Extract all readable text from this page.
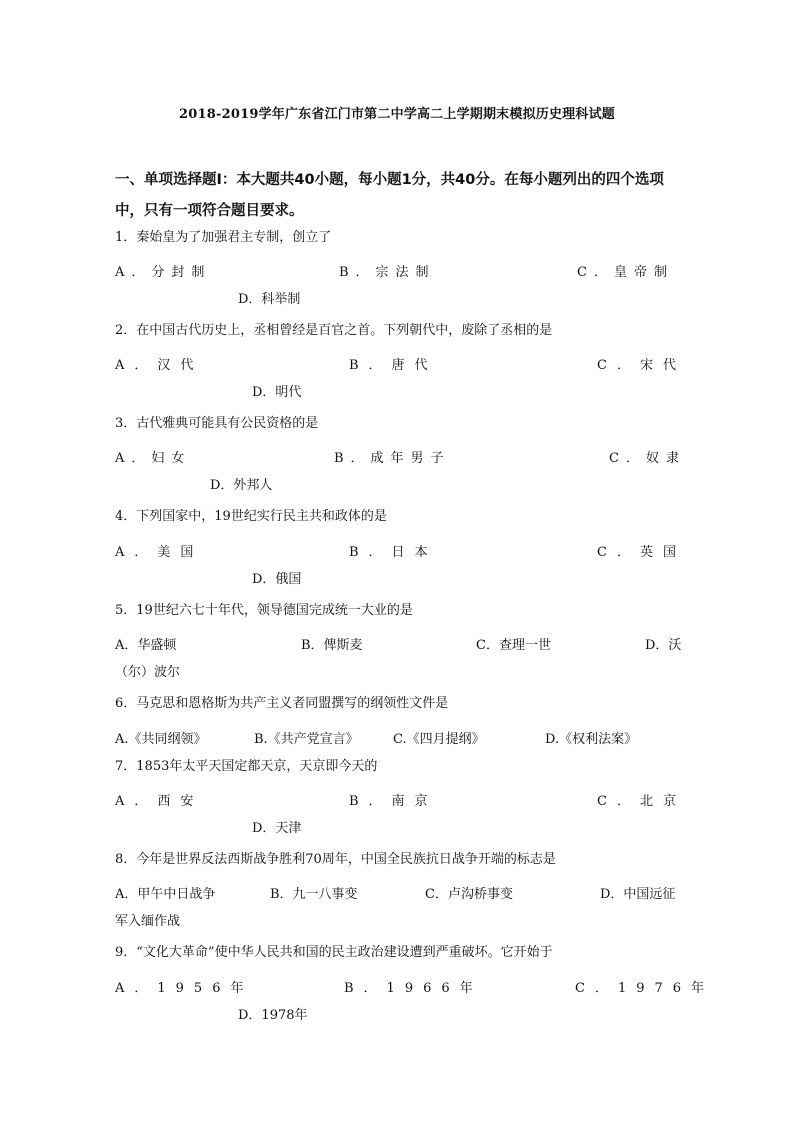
2018-2019学年广东省江门市第二中学高二上学期期末模拟历史理科试题

一、单项选择题Ⅰ：本大题共40小题，每小题1分，共40分。在每小题列出的四个选项中，只有一项符合题目要求。

1．秦始皇为了加强君主专制，创立了
A．分封制	B．宗法制	C．皇帝制
D．科举制
2．在中国古代历史上，丞相曾经是百官之首。下列朝代中，废除了丞相的是
A．汉代	B．唐代	C．宋代
D．明代
3．古代雅典可能具有公民资格的是
A．妇女	B．成年男子	C．奴隶
D．外邦人
4．下列国家中，19世纪实行民主共和政体的是
A．美国	B．日本	C．英国
D．俄国
5．19世纪六七十年代，领导德国完成统一大业的是
A．华盛顿	B．俾斯麦	C．查理一世	D．沃
（尔）波尔
6．马克思和恩格斯为共产主义者同盟撰写的纲领性文件是
A.《共同纲领》	B.《共产党宣言》	C.《四月提纲》	D.《权利法案》
7．1853年太平天国定都天京，天京即今天的
A．西安	B．南京	C．北京
D．天津
8．今年是世界反法西斯战争胜利70周年，中国全民族抗日战争开端的标志是
A．甲午中日战争	B．九一八事变	C．卢沟桥事变	D．中国远征
军入缅作战
9．“文化大革命”使中华人民共和国的民主政治建设遭到严重破坏。它开始于
A．1956年	B．1966年	C．1976年
D．1978年
